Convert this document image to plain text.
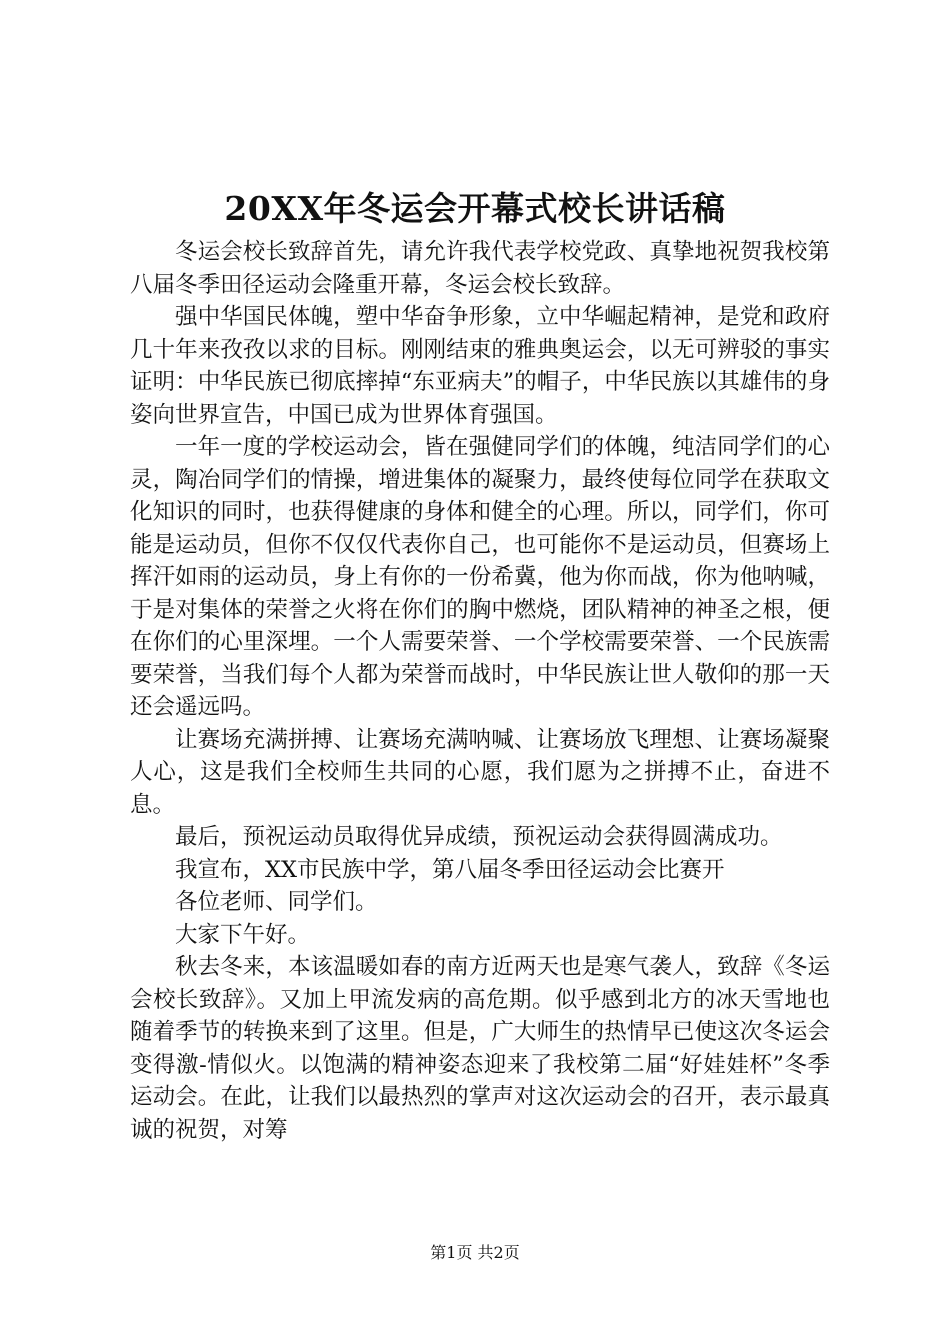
20XX年冬运会开幕式校长讲话稿

冬运会校长致辞首先，请允许我代表学校党政、真挚地祝贺我校第八届冬季田径运动会隆重开幕，冬运会校长致辞。

强中华国民体魄，塑中华奋争形象，立中华崛起精神，是党和政府几十年来孜孜以求的目标。刚刚结束的雅典奥运会，以无可辨驳的事实证明：中华民族已彻底摔掉“东亚病夫”的帽子，中华民族以其雄伟的身姿向世界宣告，中国已成为世界体育强国。

一年一度的学校运动会，皆在强健同学们的体魄，纯洁同学们的心灵，陶冶同学们的情操，增进集体的凝聚力，最终使每位同学在获取文化知识的同时，也获得健康的身体和健全的心理。所以，同学们，你可能是运动员，但你不仅仅代表你自己，也可能你不是运动员，但赛场上挥汗如雨的运动员，身上有你的一份希冀，他为你而战，你为他呐喊，于是对集体的荣誉之火将在你们的胸中燃烧，团队精神的神圣之根，便在你们的心里深埋。一个人需要荣誉、一个学校需要荣誉、一个民族需要荣誉，当我们每个人都为荣誉而战时，中华民族让世人敬仰的那一天还会遥远吗。

让赛场充满拼搏、让赛场充满呐喊、让赛场放飞理想、让赛场凝聚人心，这是我们全校师生共同的心愿，我们愿为之拼搏不止，奋进不息。

最后，预祝运动员取得优异成绩，预祝运动会获得圆满成功。

我宣布，XX市民族中学，第八届冬季田径运动会比赛开

各位老师、同学们。

大家下午好。

秋去冬来，本该温暖如春的南方近两天也是寒气袭人，致辞《冬运会校长致辞》。又加上甲流发病的高危期。似乎感到北方的冰天雪地也随着季节的转换来到了这里。但是，广大师生的热情早已使这次冬运会变得激-情似火。以饱满的精神姿态迎来了我校第二届“好娃娃杯”冬季运动会。在此，让我们以最热烈的掌声对这次运动会的召开，表示最真诚的祝贺，对筹

第1页 共2页
